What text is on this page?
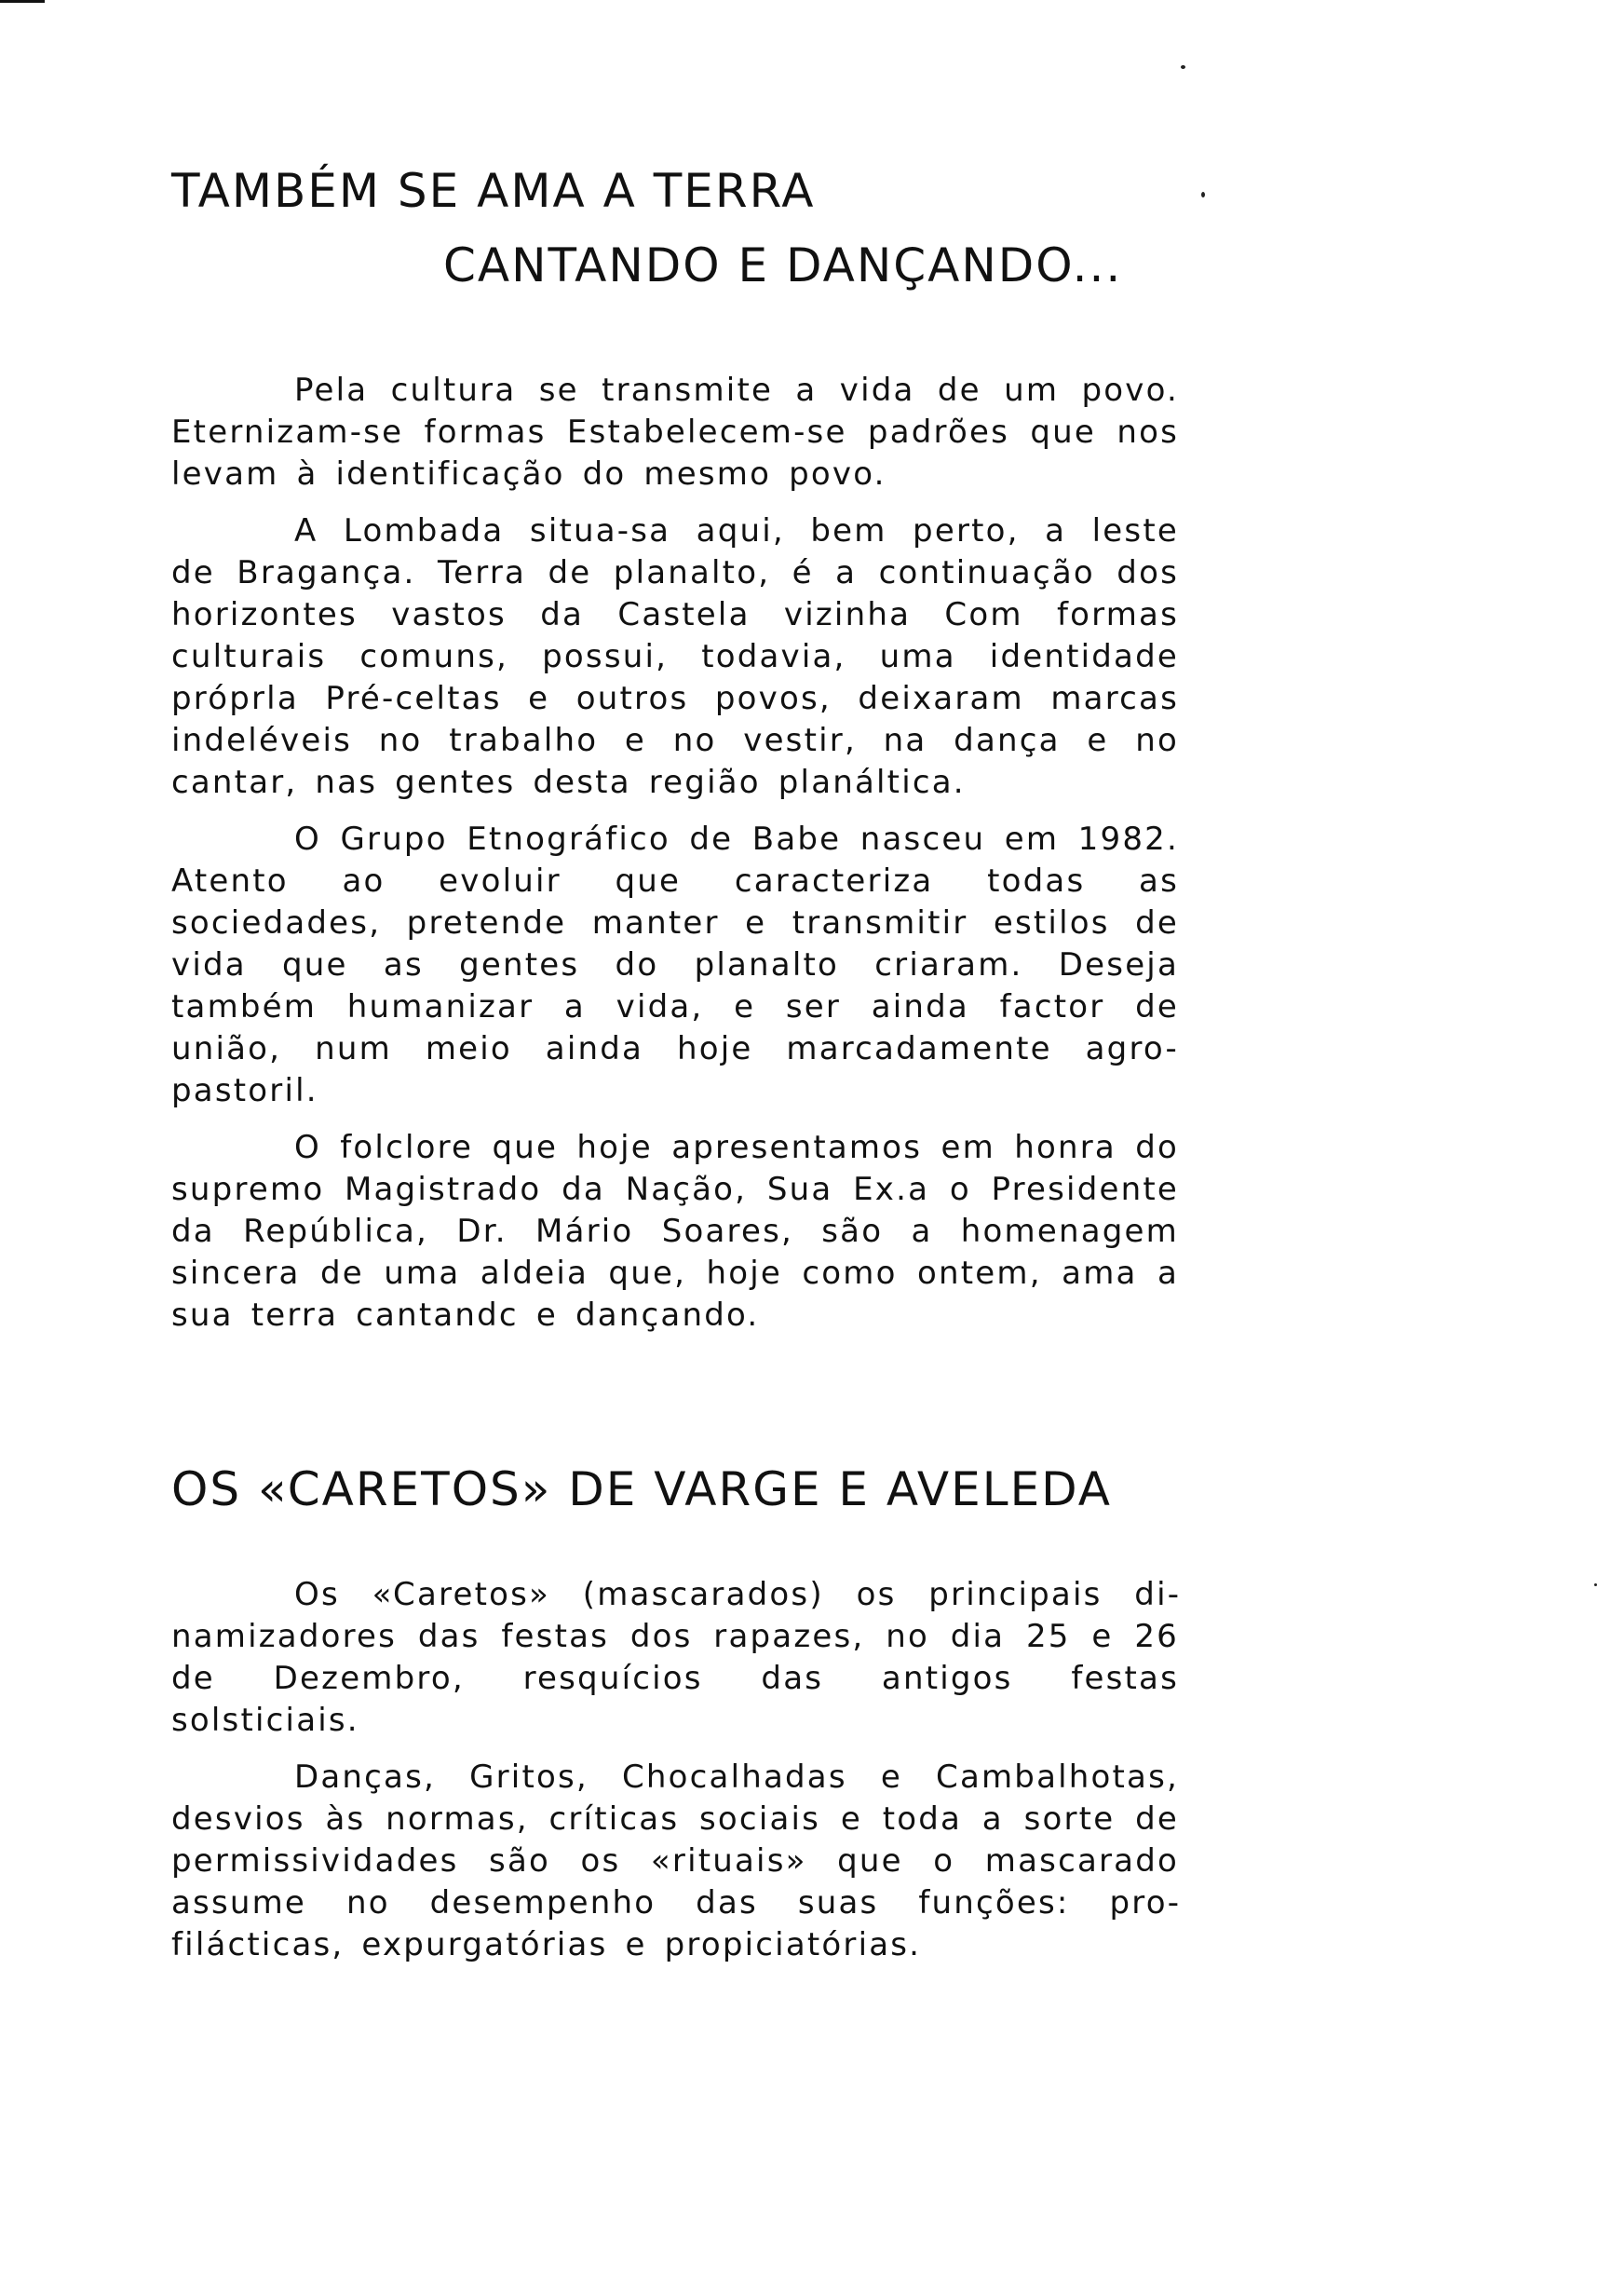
TAMBÉM SE AMA A TERRA
CANTANDO E DANÇANDO...

Pela cultura se transmite a vida de um povo. Eternizam-se formas Estabelecem-se padrões que nos levam à identificação do mesmo povo.

A Lombada situa-sa aqui, bem perto, a leste de Bragança. Terra de planalto, é a continuação dos horizontes vastos da Castela vizinha Com formas culturais comuns, possui, todavia, uma identidade próprla Pré-celtas e outros povos, deixaram marcas indeléveis no trabalho e no vestir, na dança e no cantar, nas gentes desta região planáltica.

O Grupo Etnográfico de Babe nasceu em 1982. Atento ao evoluir que caracteriza todas as sociedades, pretende manter e transmitir estilos de vida que as gentes do planalto criaram. Deseja também humanizar a vida, e ser ainda factor de união, num meio ainda hoje marcadamente agro-pastoril.

O folclore que hoje apresentamos em honra do supremo Magistrado da Nação, Sua Ex.a o Presidente da República, Dr. Mário Soares, são a homenagem sincera de uma aldeia que, hoje como ontem, ama a sua terra cantandc e dançando.

OS «CARETOS» DE VARGE E AVELEDA

Os «Caretos» (mascarados) os principais dinamizadores das festas dos rapazes, no dia 25 e 26 de Dezembro, resquícios das antigos festas solsticiais.

Danças, Gritos, Chocalhadas e Cambalhotas, desvios às normas, críticas sociais e toda a sorte de permissividades são os «rituais» que o mascarado assume no desempenho das suas funções: profilácticas, expurgatórias e propiciatórias.
